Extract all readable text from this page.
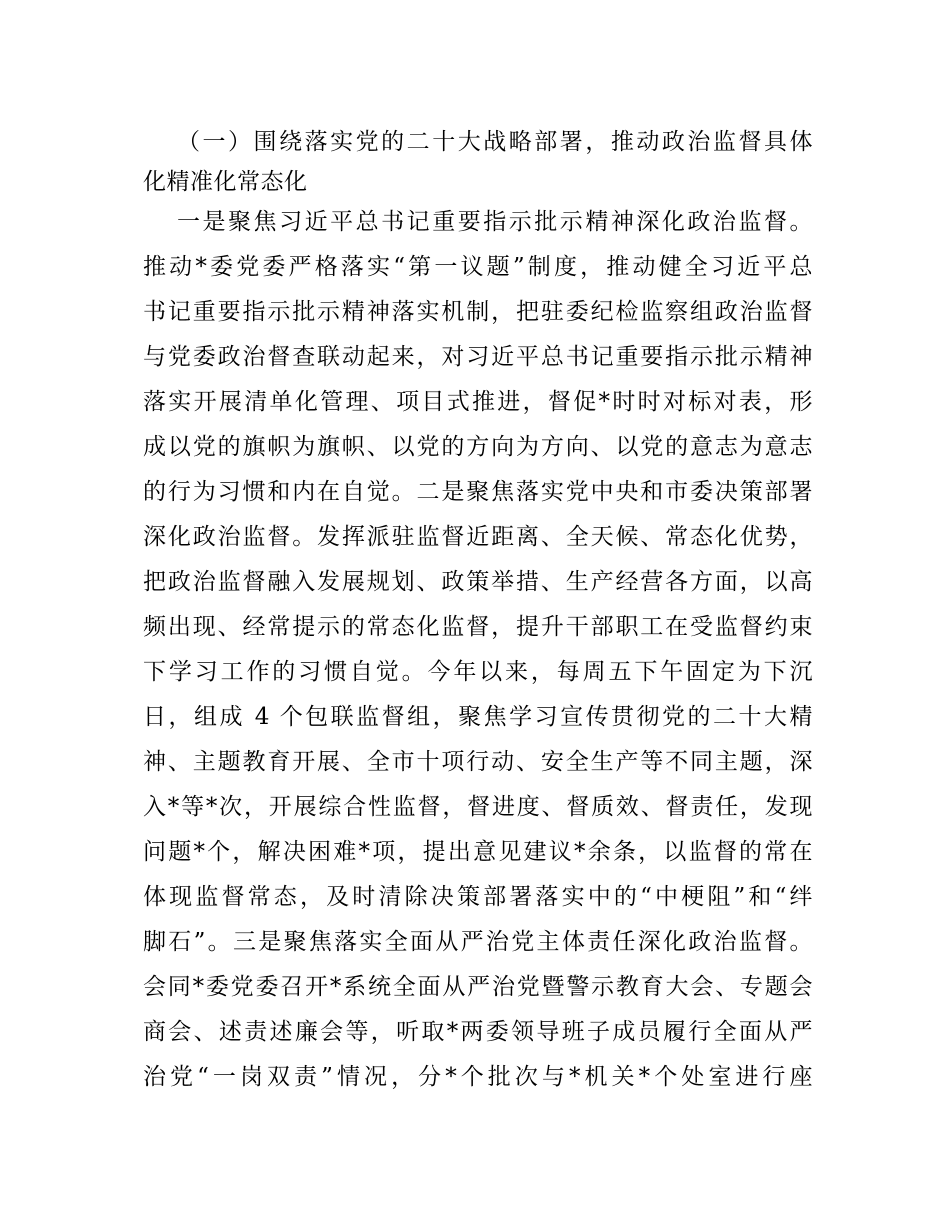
（一）围绕落实党的二十大战略部署，推动政治监督具体
化精准化常态化
一是聚焦习近平总书记重要指示批示精神深化政治监督。
推动*委党委严格落实“第一议题”制度，推动健全习近平总
书记重要指示批示精神落实机制，把驻委纪检监察组政治监督
与党委政治督查联动起来，对习近平总书记重要指示批示精神
落实开展清单化管理、项目式推进，督促*时时对标对表，形
成以党的旗帜为旗帜、以党的方向为方向、以党的意志为意志
的行为习惯和内在自觉。二是聚焦落实党中央和市委决策部署
深化政治监督。发挥派驻监督近距离、全天候、常态化优势，
把政治监督融入发展规划、政策举措、生产经营各方面，以高
频出现、经常提示的常态化监督，提升干部职工在受监督约束
下学习工作的习惯自觉。今年以来，每周五下午固定为下沉
日，组成 4 个包联监督组，聚焦学习宣传贯彻党的二十大精
神、主题教育开展、全市十项行动、安全生产等不同主题，深
入*等*次，开展综合性监督，督进度、督质效、督责任，发现
问题*个，解决困难*项，提出意见建议*余条，以监督的常在
体现监督常态，及时清除决策部署落实中的“中梗阻”和“绊
脚石”。三是聚焦落实全面从严治党主体责任深化政治监督。
会同*委党委召开*系统全面从严治党暨警示教育大会、专题会
商会、述责述廉会等，听取*两委领导班子成员履行全面从严
治党“一岗双责”情况，分*个批次与*机关*个处室进行座
